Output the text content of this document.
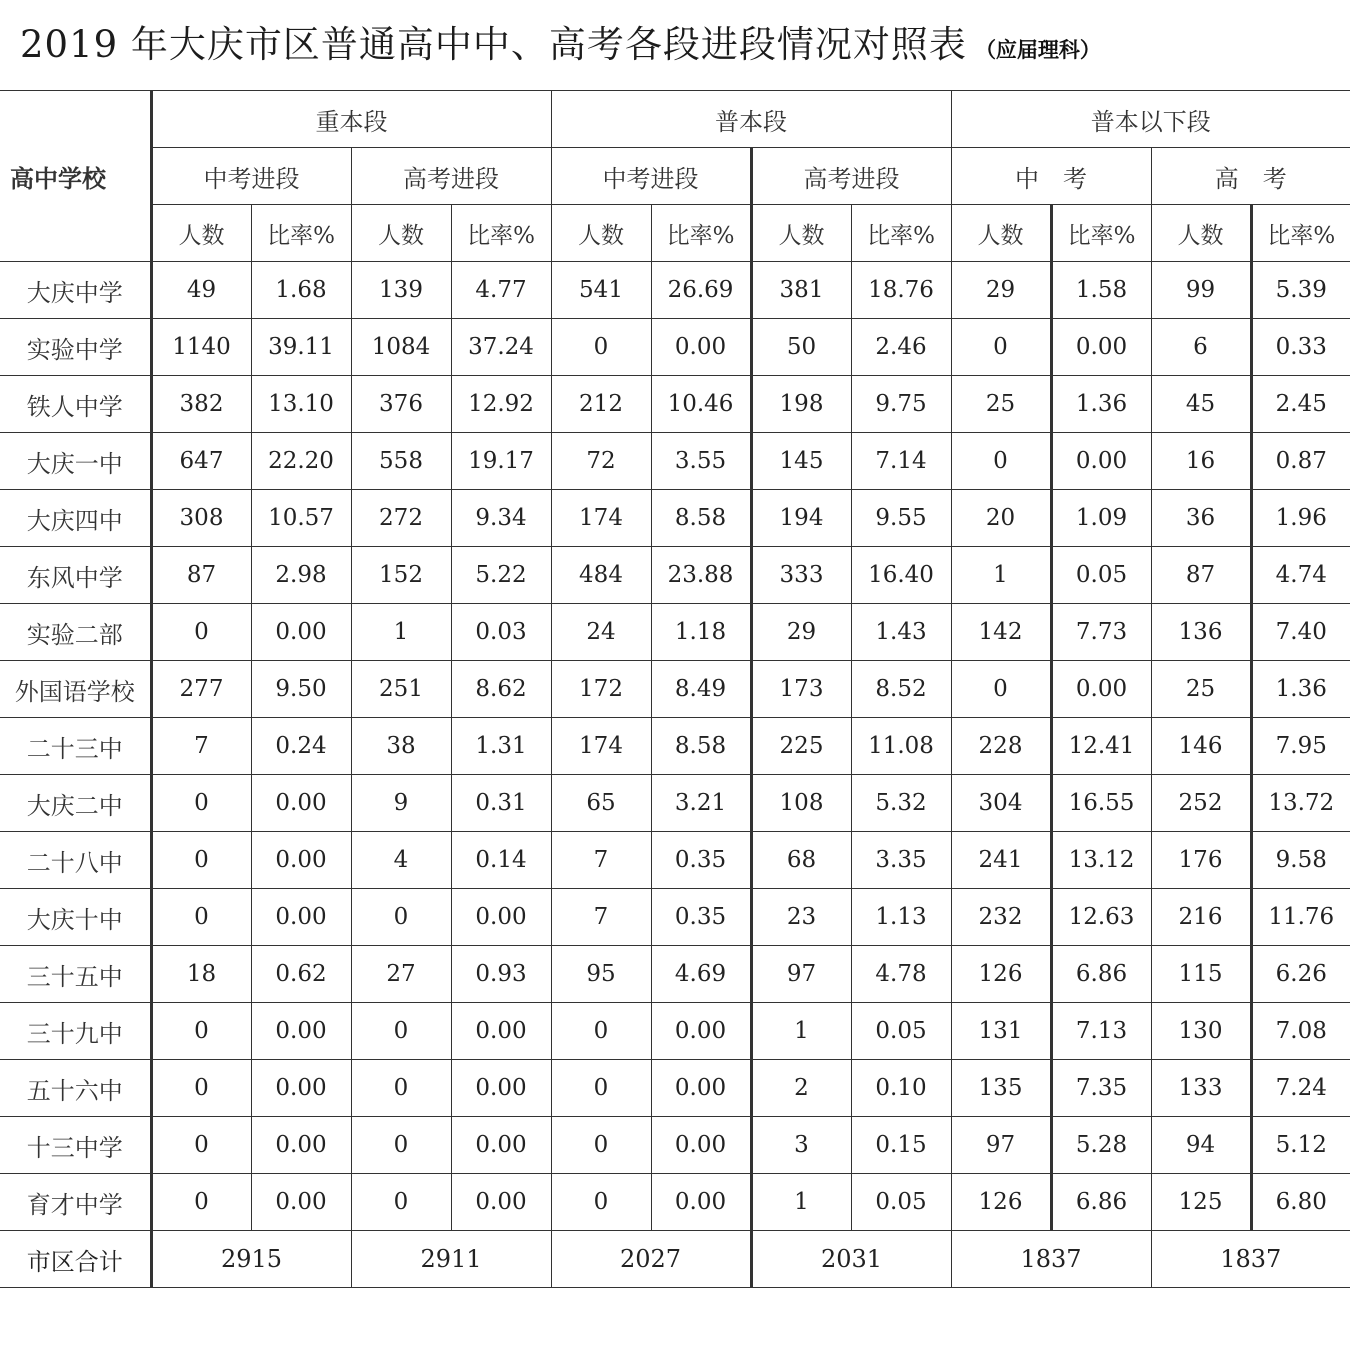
2019 年大庆市区普通高中中、高考各段进段情况对照表 （应届理科）
高中学校	重本段				普本段				普本以下段			
	中考进段		高考进段		中考进段		高考进段		中　考		高　考	
	人数	比率%	人数	比率%	人数	比率%	人数	比率%	人数	比率%	人数	比率%
大庆中学	49	1.68	139	4.77	541	26.69	381	18.76	29	1.58	99	5.39
实验中学	1140	39.11	1084	37.24	0	0.00	50	2.46	0	0.00	6	0.33
铁人中学	382	13.10	376	12.92	212	10.46	198	9.75	25	1.36	45	2.45
大庆一中	647	22.20	558	19.17	72	3.55	145	7.14	0	0.00	16	0.87
大庆四中	308	10.57	272	9.34	174	8.58	194	9.55	20	1.09	36	1.96
东风中学	87	2.98	152	5.22	484	23.88	333	16.40	1	0.05	87	4.74
实验二部	0	0.00	1	0.03	24	1.18	29	1.43	142	7.73	136	7.40
外国语学校	277	9.50	251	8.62	172	8.49	173	8.52	0	0.00	25	1.36
二十三中	7	0.24	38	1.31	174	8.58	225	11.08	228	12.41	146	7.95
大庆二中	0	0.00	9	0.31	65	3.21	108	5.32	304	16.55	252	13.72
二十八中	0	0.00	4	0.14	7	0.35	68	3.35	241	13.12	176	9.58
大庆十中	0	0.00	0	0.00	7	0.35	23	1.13	232	12.63	216	11.76
三十五中	18	0.62	27	0.93	95	4.69	97	4.78	126	6.86	115	6.26
三十九中	0	0.00	0	0.00	0	0.00	1	0.05	131	7.13	130	7.08
五十六中	0	0.00	0	0.00	0	0.00	2	0.10	135	7.35	133	7.24
十三中学	0	0.00	0	0.00	0	0.00	3	0.15	97	5.28	94	5.12
育才中学	0	0.00	0	0.00	0	0.00	1	0.05	126	6.86	125	6.80
市区合计	2915		2911		2027		2031		1837		1837	
